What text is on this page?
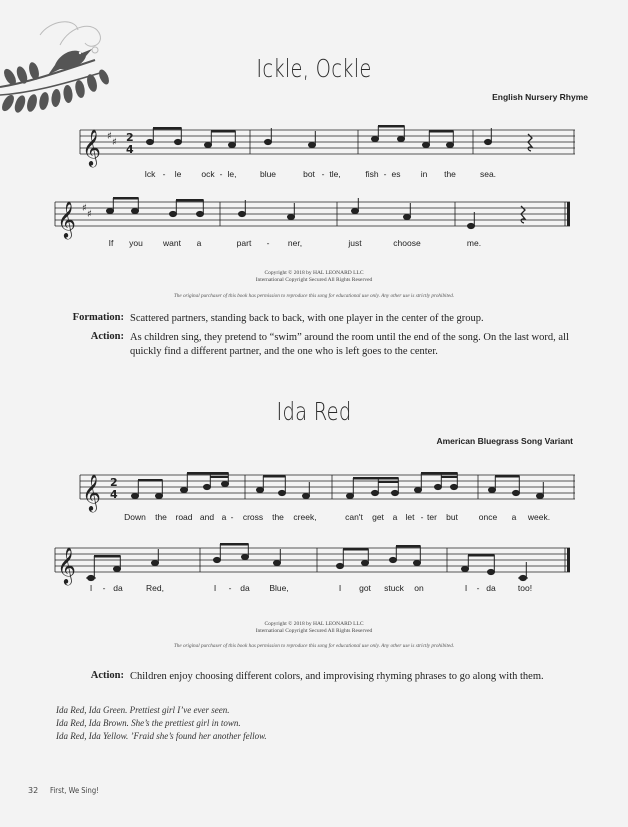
Ickle, Ockle
English Nursery Rhyme
𝄞 ♯
♯ 2
4
Ick - le ock - le,	blue	bot - tle,	fish - es in the	sea.
𝄞 ♯
♯
If you want a	part - ner,	just	choose	me.
Copyright © 2018 by HAL LEONARD LLC
International Copyright Secured All Rights Reserved
The original purchaser of this book has permission to reproduce this song for educational use only. Any other use is strictly prohibited.
Formation: Scattered partners, standing back to back, with one player in the center of the group.
Action: As children sing, they pretend to “swim” around the room until the end of the song. On the last word, all quickly find a different partner, and the one who is left goes to the center.
Ida Red
American Bluegrass Song Variant
𝄞 2
4
Down the road and a - cross the creek,	can't get a let - ter but once a week.
𝄞
I - da	Red,	I - da Blue,	I got stuck on	I - da	too!
Copyright © 2018 by HAL LEONARD LLC
International Copyright Secured All Rights Reserved
The original purchaser of this book has permission to reproduce this song for educational use only. Any other use is strictly prohibited.
Action: Children enjoy choosing different colors, and improvising rhyming phrases to go along with them.
Ida Red, Ida Green. Prettiest girl I’ve ever seen.
Ida Red, Ida Brown. She’s the prettiest girl in town.
Ida Red, Ida Yellow. ’Fraid she’s found her another fellow.
32 First, We Sing!
